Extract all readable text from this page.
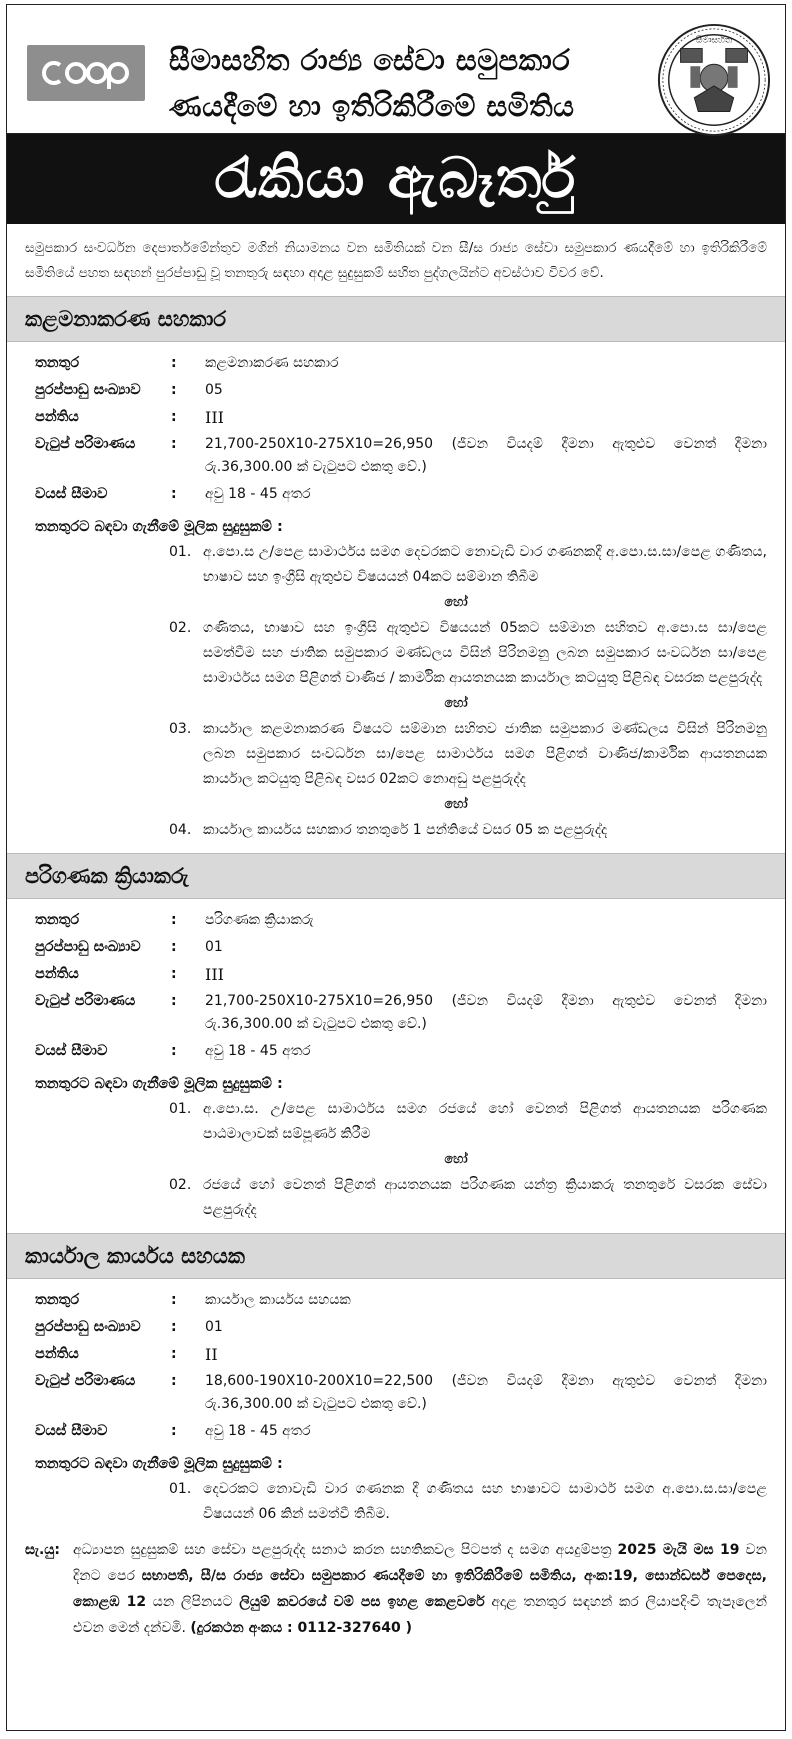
සීමාසහිත රාජ්‍ය සේවා සමුපකාර
ණයදීමේ හා ඉතිරිකිරීමේ සමිතිය
සීමාසහිත
රැකියා ඇබෑර්තු
සමුපකාර සංවර්ධන දෙපාර්තමේන්තුව මගින් නියාමනය වන සමිතියක් වන සී/ස රාජ්‍ය සේවා සමුපකාර ණයදීමේ හා ඉතිරිකිරීමේ සමිතියේ පහත සඳහන් පුරප්පාඩු වූ තනතුරු සඳහා අදාළ සුදුසුකම් සහිත පුද්ගලයින්ට අවස්ථාව විවර වේ.
කළමනාකරණ සහකාර
තනතුර	:	කළමනාකරණ සහකාර
පුරප්පාඩු සංඛ්‍යාව	:	05
පන්තිය	:	III
වැටුප් පරිමාණය	:	21,700-250X10-275X10=26,950 (ජීවන වියදම් දීමනා ඇතුළුව වෙනත් දීමනා රු.36,300.00 ක් වැටුපට එකතු වේ.)
වයස් සීමාව	:	අවු 18 - 45 අතර
තනතුරට බඳවා ගැනීමේ මූලික සුදුසුකම් :
01. අ.පො.ස උ/පෙළ සාමාර්ථය සමග දෙවරකට නොවැඩි වාර ගණනකදී අ.පො.ස.සා/පෙළ ගණිතය, භාෂාව සහ ඉංග්‍රීසි ඇතුළුව විෂයයන් 04කට සම්මාන තිබීම
හෝ
02. ගණිතය, භාෂාව සහ ඉංග්‍රීසි ඇතුළුව විෂයයන් 05කට සම්මාන සහිතව අ.පො.ස සා/පෙළ සමත්වීම සහ ජාතික සමුපකාර මණ්ඩලය විසින් පිරිනමනු ලබන සමුපකාර සංවර්ධන සා/පෙළ සාමාර්ථය සමග පිළිගත් වාණිජ / කාර්මික ආයතනයක කාර්යාල කටයුතු පිළිබඳ වසරක පළපුරුද්ද
හෝ
03. කාර්යාල කළමනාකරණ විෂයට සම්මාන සහිතව ජාතික සමුපකාර මණ්ඩලය විසින් පිරිනමනු ලබන සමුපකාර සංවර්ධන සා/පෙළ සාමාර්ථය සමග පිළිගත් වාණිජ/කාර්මික ආයතනයක කාර්යාල කටයුතු පිළිබඳ වසර 02කට නොඅඩු පළපුරුද්ද
හෝ
04. කාර්යාල කාර්යය සහකාර තනතුරේ 1 පන්තියේ වසර 05 ක පළපුරුද්ද
පරිගණක ක්‍රියාකරු
තනතුර	:	පරිගණක ක්‍රියාකරු
පුරප්පාඩු සංඛ්‍යාව	:	01
පන්තිය	:	III
වැටුප් පරිමාණය	:	21,700-250X10-275X10=26,950 (ජීවන වියදම් දීමනා ඇතුළුව වෙනත් දීමනා රු.36,300.00 ක් වැටුපට එකතු වේ.)
වයස් සීමාව	:	අවු 18 - 45 අතර
තනතුරට බඳවා ගැනීමේ මූලික සුදුසුකම් :
01. අ.පො.ස. උ/පෙළ සාමාර්ථය සමග රජයේ හෝ වෙනත් පිළිගත් ආයතනයක පරිගණක පාඨමාලාවක් සම්පූර්ණ කිරීම
හෝ
02. රජයේ හෝ වෙනත් පිළිගත් ආයතනයක පරිගණක යන්ත්‍ර ක්‍රියාකරු තනතුරේ වසරක සේවා පළපුරුද්ද
කාර්යාල කාර්යය සහයක
තනතුර	:	කාර්යාල කාර්යය සහයක
පුරප්පාඩු සංඛ්‍යාව	:	01
පන්තිය	:	II
වැටුප් පරිමාණය	:	18,600-190X10-200X10=22,500 (ජීවන වියදම් දීමනා ඇතුළුව වෙනත් දීමනා රු.36,300.00 ක් වැටුපට එකතු වේ.)
වයස් සීමාව	:	අවු 18 - 45 අතර
තනතුරට බඳවා ගැනීමේ මූලික සුදුසුකම් :
01. දෙවරකට නොවැඩි වාර ගණනක දී ගණිතය සහ භාෂාවට සාමාර්ථ සමග අ.පො.ස.සා/පෙළ විෂයයන් 06 කින් සමත්වී තිබීම.
සැ.යු: අධ්‍යාපන සුදුසුකම් සහ සේවා පළපුරුද්ද සනාථ කරන සහතිකවල පිටපත් ද සමග අයදුම්පත්‍ර 2025 මැයි මස 19 වන දිනට පෙර සභාපති, සී/ස රාජ්‍ය සේවා සමුපකාර ණයදීමේ හා ඉතිරිකිරීමේ සමිතිය, අංක:19, සොන්ඩර්ස් පෙදෙස, කොළඹ 12 යන ලිපිනයට ලියුම් කවරයේ වම් පස ඉහළ කෙළවරේ අදාළ තනතුර සඳහන් කර ලියාපදිංචි තැපෑලෙන් එවන මෙන් දන්වමි. (දුරකථන අංකය : 0112-327640 )
